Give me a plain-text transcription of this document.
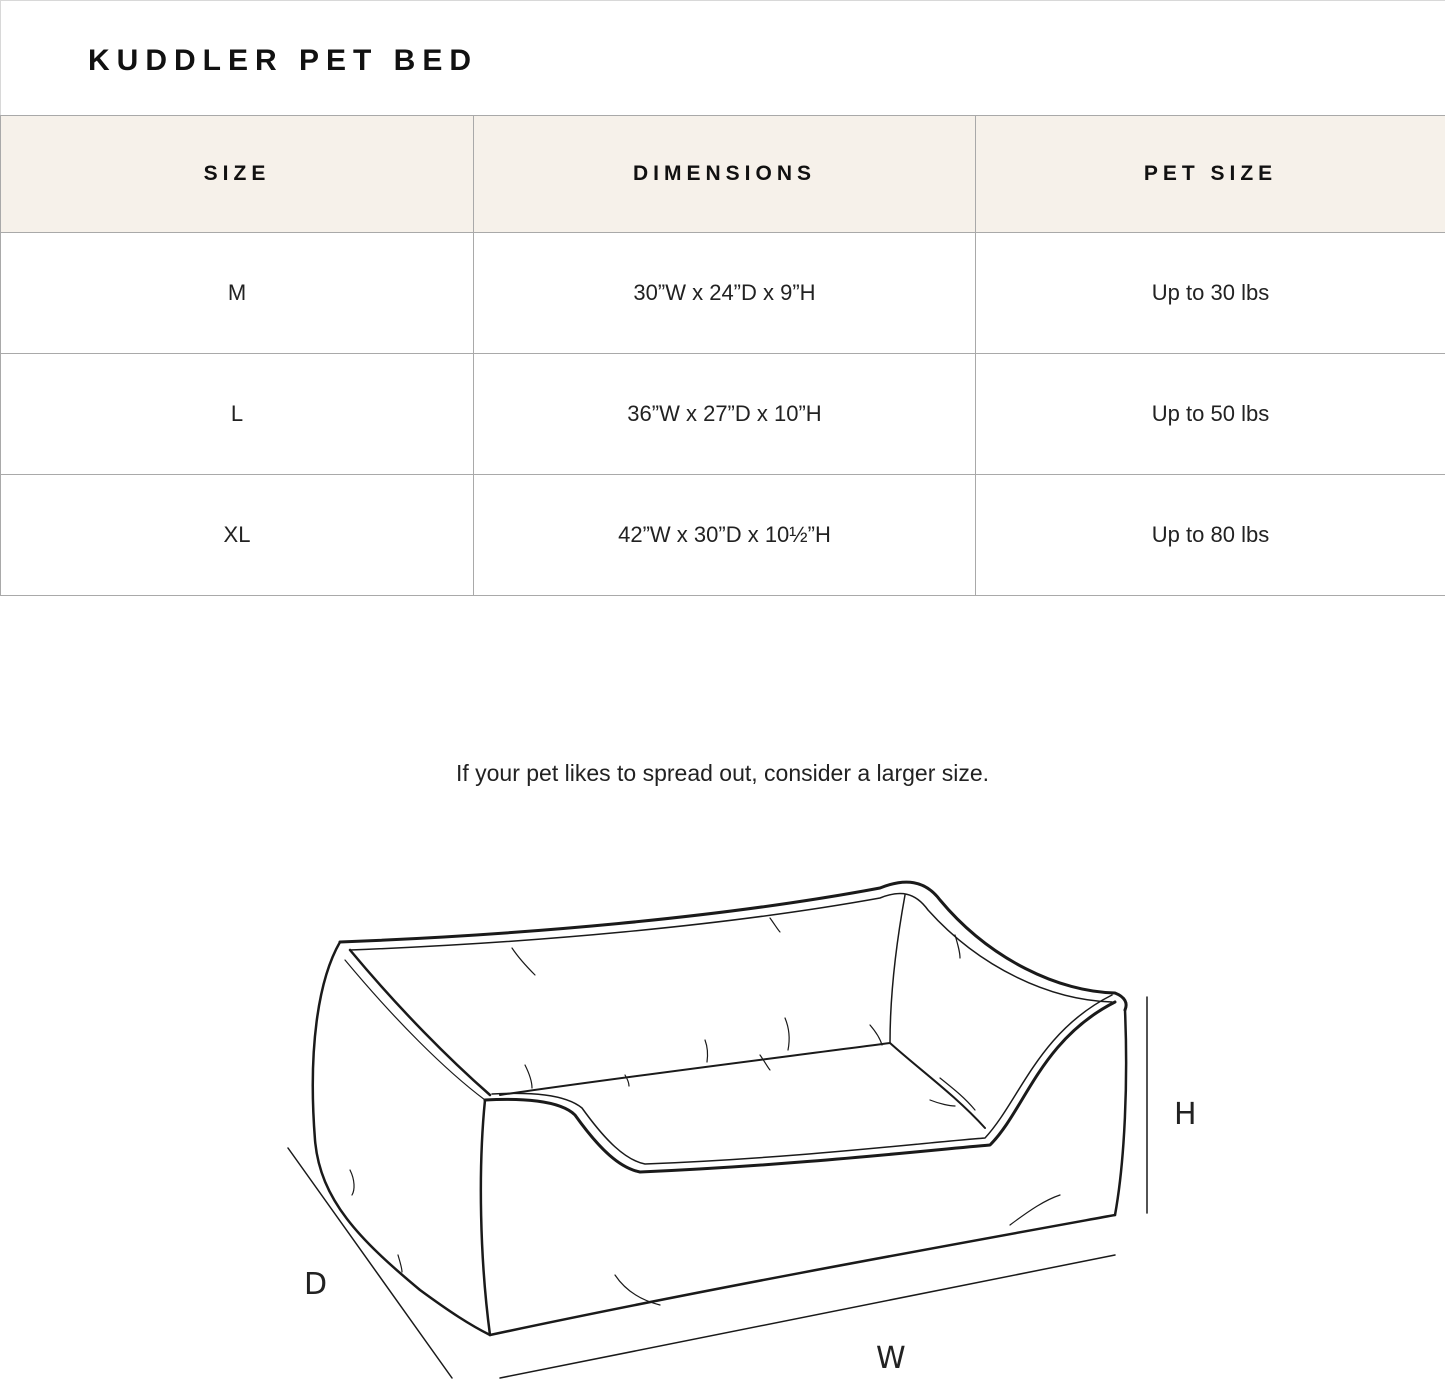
KUDDLER PET BED
SIZE	DIMENSIONS	PET SIZE
M	30”W x 24”D x 9”H	Up to 30 lbs
L	36”W x 27”D x 10”H	Up to 50 lbs
XL	42”W x 30”D x 10½”H	Up to 80 lbs
If your pet likes to spread out, consider a larger size.
H
D
W
